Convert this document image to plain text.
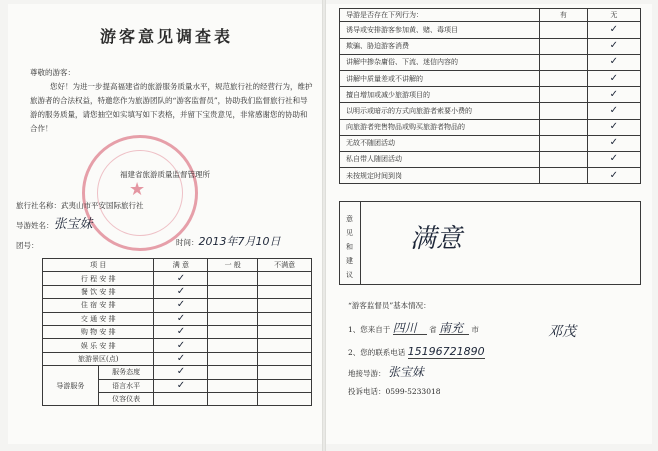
游客意见调查表
★
尊敬的游客：

您好！为进一步提高福建省的旅游服务质量水平，规范旅行社的经营行为，维护旅游者的合法权益，特邀您作为旅游团队的“游客监督员”，协助我们监督旅行社和导游的服务质量，请您抽空如实填写如下表格，并留下宝贵意见，非常感谢您的协助和合作！

福建省旅游质量监督管理所
旅行社名称：武夷山市平安国际旅行社
导游姓名：张宝妹
团号：	时间：2013年7月10日
项 目		满 意	一 般	不满意
行 程 安 排		✓		
餐 饮 安 排		✓		
住 宿 安 排		✓		
交 通 安 排		✓		
购 物 安 排		✓		
娱 乐 安 排		✓		
旅游景区(点)		✓		
导游服务	服务态度	✓		
	语言水平	✓		
	仪容仪表			
导游是否存在下列行为：	有	无
诱导或安排游客参加黄、赌、毒项目		✓
欺骗、胁迫游客消费		✓
讲解中掺杂庸俗、下流、迷信内容的		✓
讲解中质量差或不讲解的		✓
擅自增加或减少旅游项目的		✓
以明示或暗示的方式向旅游者索要小费的		✓
向旅游者兜售物品或购买旅游者物品的		✓
无故不随团活动		✓
私自带人随团活动		✓
未按规定时间到岗		✓
意见和建议
满意
“游客监督员”基本情况：
1、您来自于 四川 省 南充 市	邓茂
2、您的联系电话 15196721890
地接导游： 张宝妹
投诉电话：0599-5233018
